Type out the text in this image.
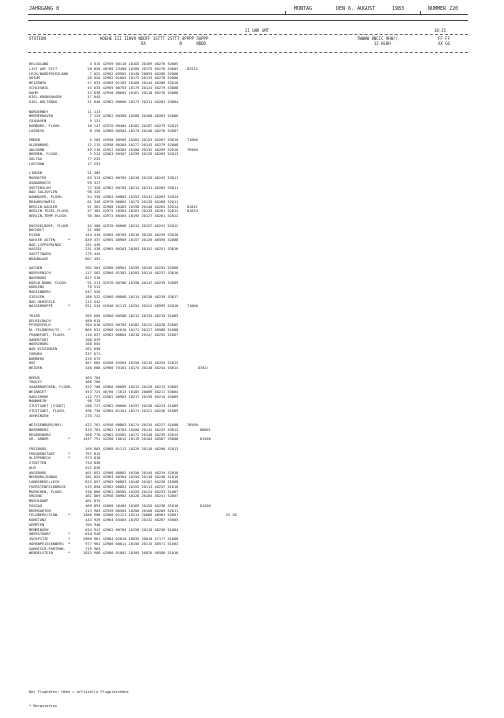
JAHRGANG 8	MONTAG	DEN 6. AUGUST	1983	NUMMER 220
21 UHR GMT	18-21
STATION	HOEHE III IIHVV NDDFF 1STTT 2STTT 4PPPP 5APPP
RX              N      NDDD
7WWWW 8NCCC 9HH//
12 HLHH
FF-FF
XX GG
HELGOLAND                   4 015 42959 00110 10183 20169 40276 52005
LIST AUF SYLT              26 020 40760 23408 10180 20175 40276 53003    82532
LECK/NORDFRIESLAND          7 022 42962 09902 10148 20093 40286 52008
HUSUM                      28 026 42962 01004 10173 20133 40276 52006
MEIERWIK                   27 033 42965 01105 10168 20144 40286 52010
SCHLESWIG                  43 035 42965 00703 10175 20124 40279 53008
KOHM                       12 038 42958 00602 10161 20118 40276 52008
KIEL-KRONSHAGEN            17 045
KIEL-HOLTENAU              31 046 42962 00000 10173 20111 40283 53004
NORDERNEY                  11 113
BREMERHAVEN                 7 129 42962 00308 10206 20168 40263 52006
CUXHAVEN                    5 131
HAMBURG, FLUGH.            16 147 42970 00404 10182 20107 40275 52013
LUEBECK                     8 156 42960 00504 10174 20140 40276 52007
EMDEN                       5 203 41950 00509 10184 20153 40267 53010    71000
OLDENBURG                  12 215 42958 00204 10177 20143 40279 52008
AHLHORN                    49 218 41957 00305 10188 20132 40269 52010    70500
BREMEN, FLUGH.              3 224 42963 00307 10199 20139 40263 52013
SOLTAU                     77 235
LUECHOW                    17 253
LINGEN                     21 305
MUENSTER                   63 313 42962 00705 10216 20126 40243 53011
OSNABRUECK                 95 317
GUETERSLOH                 72 320 42962 00705 10214 20131 40265 53011
BAD SALZUFLEN              98 325
HANNOVER, FLUGH.           54 338 42963 00803 10193 20141 40263 52014
BRAUNSCHWEIG               81 348 42970 00602 10173 20129 40260 52011
BERLIN-DAHLEM              51 381 42968 10403 10198 20140 40264 52014    81041
BERLIN-TEGEL,FLUGH.        37 382 42975 10304 10201 20129 40261 52012    81033
BERLIN-TEMP.FLUGH.         50 384 42972 00304 10195 20127 40261 52012
DUESSELDORF, FLUGH.        45 400 42970 00606 10213 20157 40241 52012
BOCHOLT                    21 406
ESSEN                     154 410 42965 00709 10216 20155 40239 53010
KAHLER ASTEN      *       839 437 42965 00909 10157 20126 48595 52008
BAD LIPPSPRINGE           151 430
KASSEL                    231 438 42965 00203 20203 20151 40251 53016
GOETTINGEN                175 444
BRAUNLAGE                 607 452
AACHEN                    202 501 42960 00902 10199 20145 40232 52008
NOERVENICH                117 502 42960 01302 10203 20114 40237 53010
NUERBURG                  627 510
KOELN-BONN, FLUGH.         91 513 42970 00706 10190 20147 40239 52009
KOBLENZ                    70 515
MARIENBERG                547 526
GIESSEN                   186 532 42960 00808 10214 20138 40239 53017
BAD HERSFELD              212 542
WASSERKUPPE       *       921 544 41940 01113 10154 20121 48595 52010    71000
TRIER                     265 609 42960 00508 10212 20134 40215 51005
DEUSELBACH                480 615
PFERDSFELD                394 616 42959 00705 10182 20122 40228 52005
KL.FELDBERG/TS.   *       805 631 42966 01010 10171 20127 48588 51008
FRANKFURT, FLUGH.         110 637 42962 00804 10210 2014/ 40232 52007
DARMSTADT                 108 639
WUERZBURG                 268 655
BAD KISSINGEN             262 658
COBURG                    337 671
BAMBERG                   239 675
HOF                       567 685 42958 03504 10150 20115 40255 52012
WEIDEN                    438 688 42960 70101 10174 20148 40244 53014         8702/
BERUS                     363 704
THOLEY                    386 706
SAARBRUECKEN, FLUGH.      322 708 42960 00609 10212 20129 40213 53005
WEINBIET                  553 724 46/60 /1013 10185 20089 40211 53004
KARLSRUHE                 112 727 42962 00903 10217 20139 40215 52005
MANNHEIM                   96 729
STUTTGART (STADT)         286 737 42962 00000 10197 20130 40223 51009
STUTTGART, FLUGH.         396 738 42965 01101 10171 20121 40226 51009
OEHRINGEN                 276 742
WEISSENBURG/BAY.          422 761 41950 00803 10174 20134 40227 51008    70500
NUERNBERG                 319 763 42962 10703 10200 20142 40232 53013          80001
REGENSBURG                366 776 42962 03502 10172 20148 40239 52015
GR. ARBER         *      1437 791 42260 10612 10119 20104 48587 53008          81500
FREIBURG                  269 803 42968 01113 10229 20116 40200 52013
FREUDENSTADT      *       797 815
KLIPPENECK        *       973 818
STOETTEN                  734 836
ULM                       522 838
AUGSBURG                  461 852 42960 00802 10156 20144 40234 52010
NEUBURG/DONAU             381 853 42963 00304 10154 20118 40248 51010
LANDSBERG/LECH            623 857 42962 00803 10146 20107 40236 51008
FUERSTENFELDBRUCK         519 858 42962 00803 10153 20113 40237 51010
MUENCHEN, FLUGH.          530 866 42962 00505 10159 20124 40233 51007
ERDING                    462 869 42958 00902 10128 20104 40241 52007
MUEHLDORF                 401 875
PASSAU                    409 893 42660 10404 10169 20155 40236 51010          81500
BREMGARTEN                213 903 42959 00504 10200 20160 40205 52011
FELDBERG/SCHW.    *      1486 908 42968 01121 10114 20086 48563 52001                      23 28
KONSTANZ                  443 929 42964 03404 10192 20132 40207 53005
KEMPTEN                   705 946
MEMMINGEN                 634 947 42962 00704 10156 20110 40236 51004
OBERSTDORF        *       810 948
ZUGSPITZE         *      2960 961 42984 02810 10035 20018 47177 51008
HOHENPEISSENBERG  *       977 962 42980 00611 10150 20115 48571 51003
GARMISCH-PARTENK.         719 963
WENDELSTEIN       *      1832 980 42980 01002 10105 20076 48580 51010

Bei Flughäfen: Höhe = offizielle Flugplatzhöhe

* Bergstation
